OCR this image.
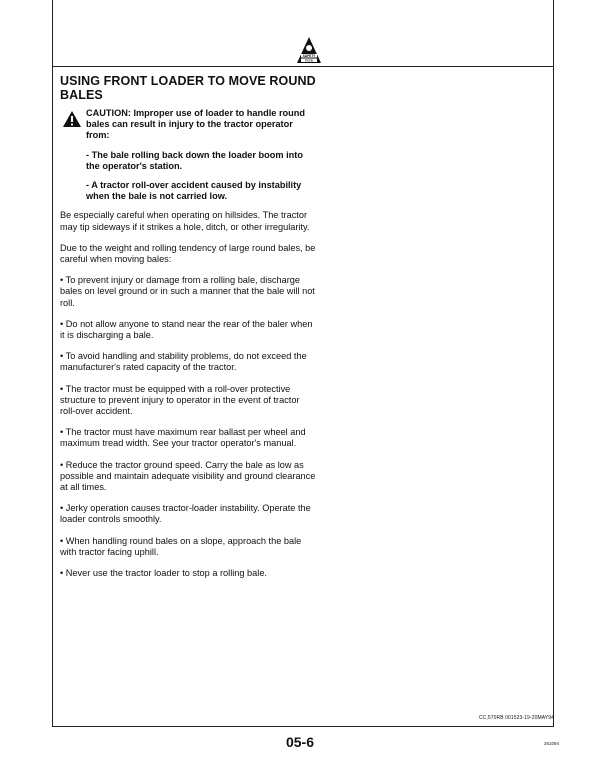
SAFETY
Inside
USING FRONT LOADER TO MOVE ROUND BALES

CAUTION: Improper use of loader to handle round bales can result in injury to the tractor operator from:

- The bale rolling back down the loader boom into the operator's station.

- A tractor roll-over accident caused by instability when the bale is not carried low.

Be especially careful when operating on hillsides. The tractor may tip sideways if it strikes a hole, ditch, or other irregularity.

Due to the weight and rolling tendency of large round bales, be careful when moving bales:

• To prevent injury or damage from a rolling bale, discharge bales on level ground or in such a manner that the bale will not roll.

• Do not allow anyone to stand near the rear of the baler when it is discharging a bale.

• To avoid handling and stability problems, do not exceed the manufacturer's rated capacity of the tractor.

• The tractor must be equipped with a roll-over protective structure to prevent injury to operator in the event of tractor roll-over accident.

• The tractor must have maximum rear ballast per wheel and maximum tread width. See your tractor operator's manual.

• Reduce the tractor ground speed. Carry the bale as low as possible and maintain adequate visibility and ground clearance at all times.

• Jerky operation causes tractor-loader instability. Operate the loader controls smoothly.

• When handling round bales on a slope, approach the bale with tractor facing uphill.

• Never use the tractor loader to stop a rolling bale.

CC,570RB 001523-19-20MAY94
05-6	261094
